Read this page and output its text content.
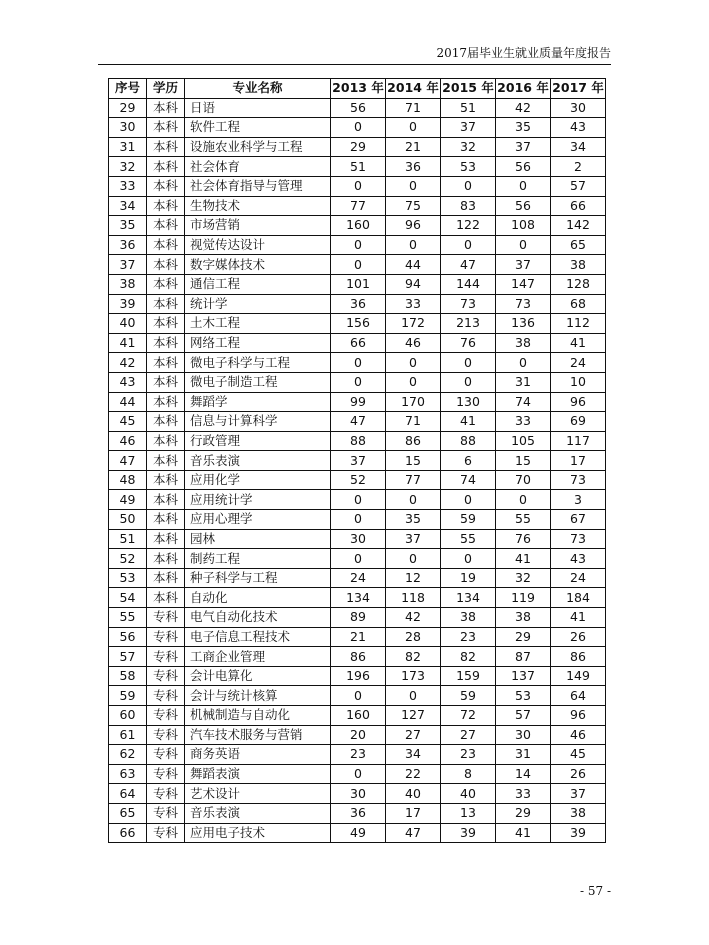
2017届毕业生就业质量年度报告
序号	学历	专业名称	2013 年	2014 年	2015 年	2016 年	2017 年
29	本科	日语	56	71	51	42	30
30	本科	软件工程	0	0	37	35	43
31	本科	设施农业科学与工程	29	21	32	37	34
32	本科	社会体育	51	36	53	56	2
33	本科	社会体育指导与管理	0	0	0	0	57
34	本科	生物技术	77	75	83	56	66
35	本科	市场营销	160	96	122	108	142
36	本科	视觉传达设计	0	0	0	0	65
37	本科	数字媒体技术	0	44	47	37	38
38	本科	通信工程	101	94	144	147	128
39	本科	统计学	36	33	73	73	68
40	本科	土木工程	156	172	213	136	112
41	本科	网络工程	66	46	76	38	41
42	本科	微电子科学与工程	0	0	0	0	24
43	本科	微电子制造工程	0	0	0	31	10
44	本科	舞蹈学	99	170	130	74	96
45	本科	信息与计算科学	47	71	41	33	69
46	本科	行政管理	88	86	88	105	117
47	本科	音乐表演	37	15	6	15	17
48	本科	应用化学	52	77	74	70	73
49	本科	应用统计学	0	0	0	0	3
50	本科	应用心理学	0	35	59	55	67
51	本科	园林	30	37	55	76	73
52	本科	制药工程	0	0	0	41	43
53	本科	种子科学与工程	24	12	19	32	24
54	本科	自动化	134	118	134	119	184
55	专科	电气自动化技术	89	42	38	38	41
56	专科	电子信息工程技术	21	28	23	29	26
57	专科	工商企业管理	86	82	82	87	86
58	专科	会计电算化	196	173	159	137	149
59	专科	会计与统计核算	0	0	59	53	64
60	专科	机械制造与自动化	160	127	72	57	96
61	专科	汽车技术服务与营销	20	27	27	30	46
62	专科	商务英语	23	34	23	31	45
63	专科	舞蹈表演	0	22	8	14	26
64	专科	艺术设计	30	40	40	33	37
65	专科	音乐表演	36	17	13	29	38
66	专科	应用电子技术	49	47	39	41	39
- 57 -
